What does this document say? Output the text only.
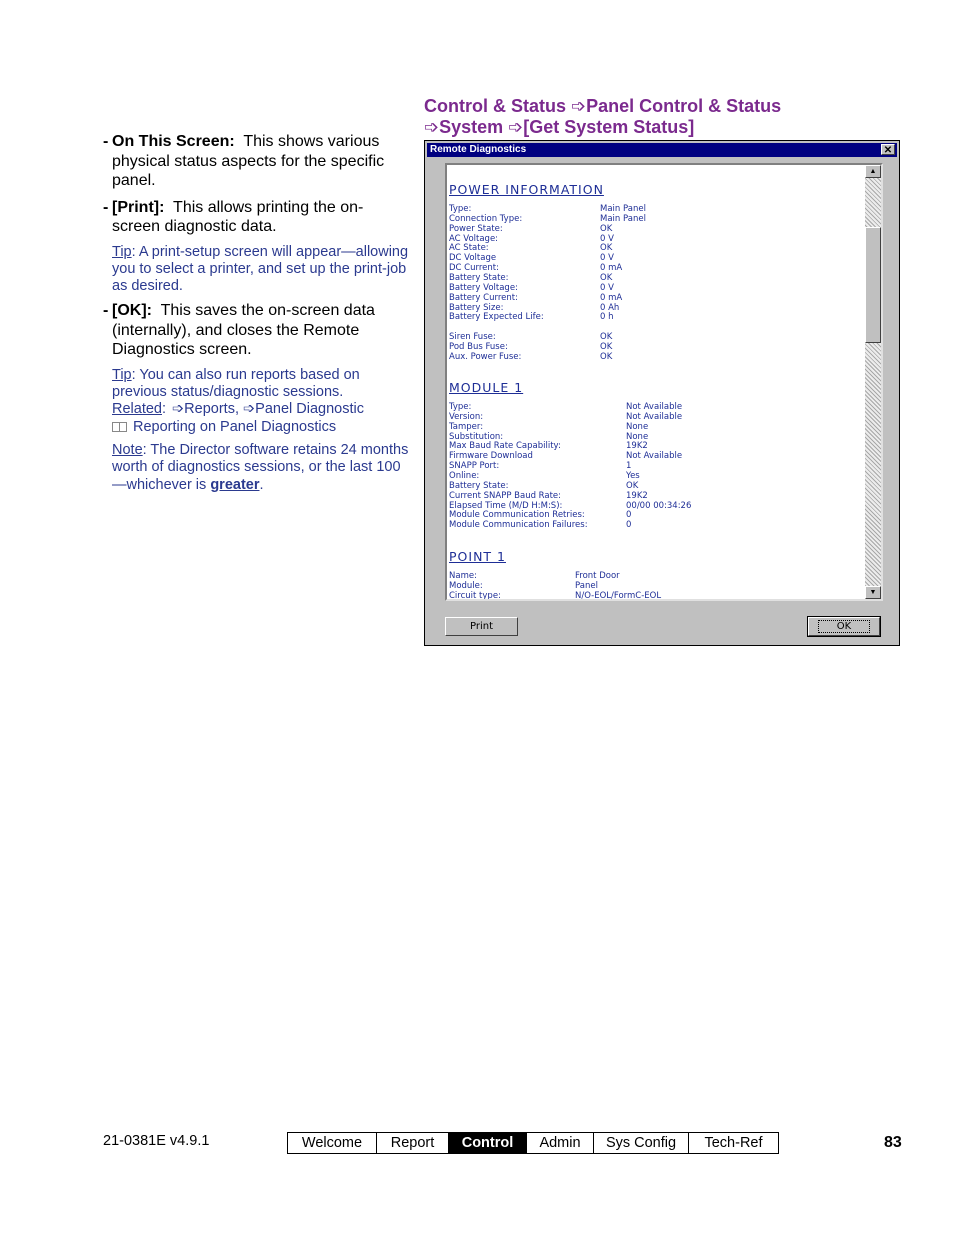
Control & Status ➩Panel Control & Status
➩System ➩[Get System Status]
- On This Screen: This shows various physical status aspects for the specific panel.
- [Print]: This allows printing the on-screen diagnostic data.
Tip: A print-setup screen will appear—allowing you to select a printer, and set up the print-job as desired.
- [OK]: This saves the on-screen data (internally), and closes the Remote Diagnostics screen.
Tip: You can also run reports based on previous status/diagnostic sessions.
Related: ➩Reports, ➩Panel Diagnostic
Reporting on Panel Diagnostics
Note: The Director software retains 24 months worth of diagnostics sessions, or the last 100—whichever is greater.
Remote Diagnostics	✕
POWER INFORMATION
Type:	Main Panel
Connection Type:	Main Panel
Power State:	OK
AC Voltage:	0 V
AC State:	OK
DC Voltage	0 V
DC Current:	0 mA
Battery State:	OK
Battery Voltage:	0 V
Battery Current:	0 mA
Battery Size:	0 Ah
Battery Expected Life:	0 h
Siren Fuse:	OK
Pod Bus Fuse:	OK
Aux. Power Fuse:	OK
MODULE 1
Type:	Not Available
Version:	Not Available
Tamper:	None
Substitution:	None
Max Baud Rate Capability:	19K2
Firmware Download	Not Available
SNAPP Port:	1
Online:	Yes
Battery State:	OK
Current SNAPP Baud Rate:	19K2
Elapsed Time (M/D H:M:S):	00/00 00:34:26
Module Communication Retries:	0
Module Communication Failures:	0
POINT 1
Name:	Front Door
Module:	Panel
Circuit type:	N/O-EOL/FormC-EOL
▲
▼
Print	OK
21-0381E v4.9.1	Welcome	Report	Control	Admin	Sys Config	Tech-Ref	83
